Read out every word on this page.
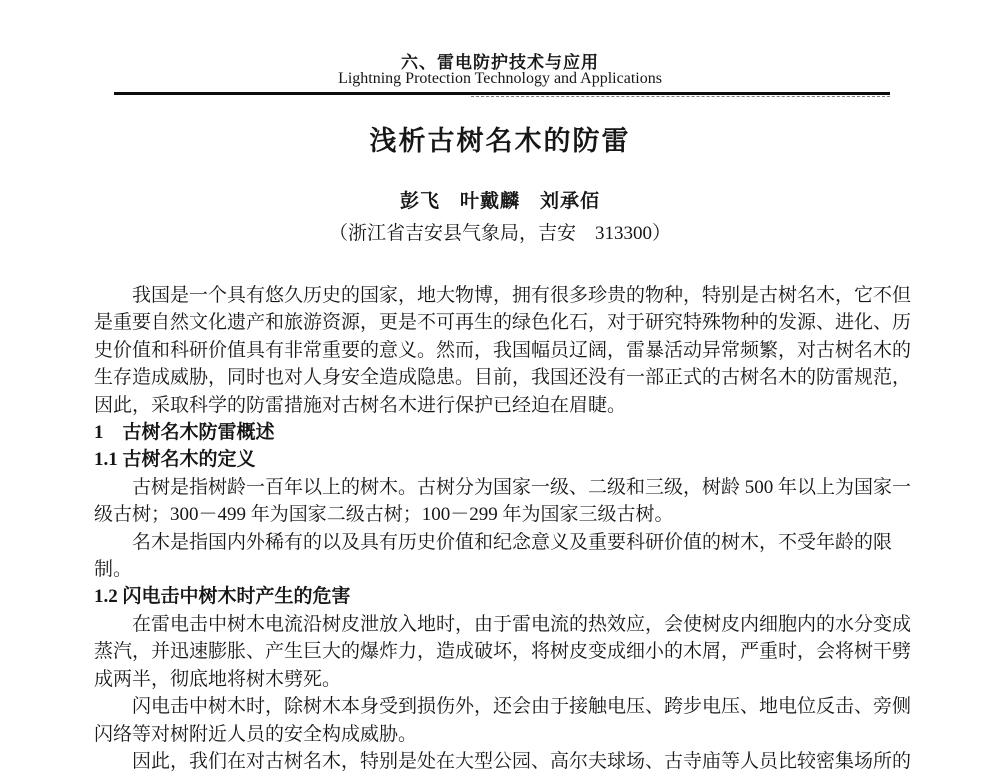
六、雷电防护技术与应用
Lightning Protection Technology and Applications
浅析古树名木的防雷
彭飞　叶戴麟　刘承佰
（浙江省吉安县气象局，吉安　313300）
我国是一个具有悠久历史的国家，地大物博，拥有很多珍贵的物种，特别是古树名木，它不但
是重要自然文化遗产和旅游资源，更是不可再生的绿色化石，对于研究特殊物种的发源、进化、历
史价值和科研价值具有非常重要的意义。然而，我国幅员辽阔，雷暴活动异常频繁，对古树名木的
生存造成威胁，同时也对人身安全造成隐患。目前，我国还没有一部正式的古树名木的防雷规范，
因此，采取科学的防雷措施对古树名木进行保护已经迫在眉睫。
1　古树名木防雷概述
1.1 古树名木的定义
古树是指树龄一百年以上的树木。古树分为国家一级、二级和三级，树龄 500 年以上为国家一
级古树；300－499 年为国家二级古树；100－299 年为国家三级古树。
名木是指国内外稀有的以及具有历史价值和纪念意义及重要科研价值的树木，不受年龄的限
制。
1.2 闪电击中树木时产生的危害
在雷电击中树木电流沿树皮泄放入地时，由于雷电流的热效应，会使树皮内细胞内的水分变成
蒸汽，并迅速膨胀、产生巨大的爆炸力，造成破坏，将树皮变成细小的木屑，严重时，会将树干劈
成两半，彻底地将树木劈死。
闪电击中树木时，除树木本身受到损伤外，还会由于接触电压、跨步电压、地电位反击、旁侧
闪络等对树附近人员的安全构成威胁。
因此，我们在对古树名木，特别是处在大型公园、高尔夫球场、古寺庙等人员比较密集场所的
